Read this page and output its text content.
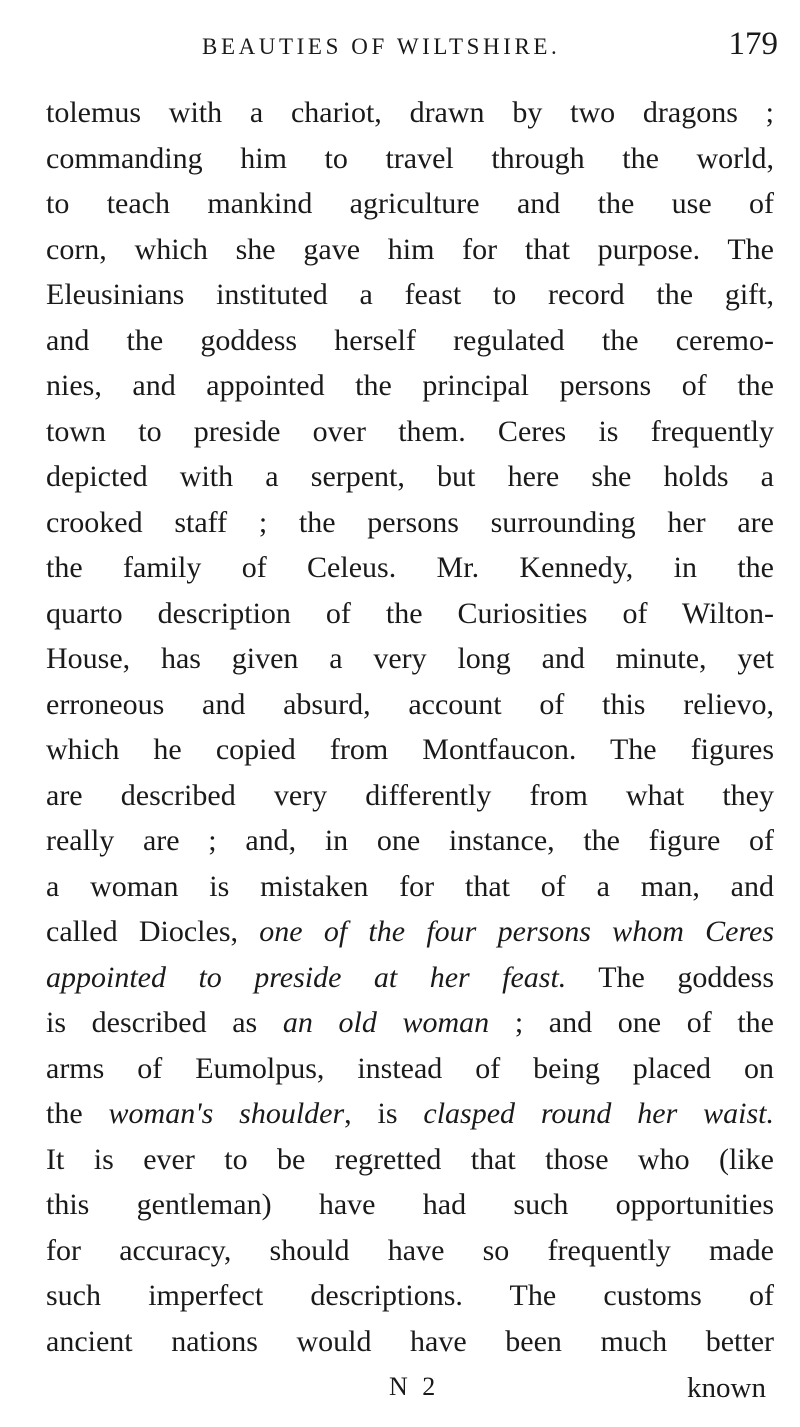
BEAUTIES OF WILTSHIRE.	179
tolemus with a chariot, drawn by two dragons ;
commanding him to travel through the world,
to teach mankind agriculture and the use of
corn, which she gave him for that purpose. The
Eleusinians instituted a feast to record the gift,
and the goddess herself regulated the ceremo-
nies, and appointed the principal persons of the
town to preside over them. Ceres is frequently
depicted with a serpent, but here she holds a
crooked staff ; the persons surrounding her are
the family of Celeus. Mr. Kennedy, in the
quarto description of the Curiosities of Wilton-
House, has given a very long and minute, yet
erroneous and absurd, account of this relievo,
which he copied from Montfaucon. The figures
are described very differently from what they
really are ; and, in one instance, the figure of
a woman is mistaken for that of a man, and
called Diocles, one of the four persons whom Ceres
appointed to preside at her feast. The goddess
is described as an old woman ; and one of the
arms of Eumolpus, instead of being placed on
the woman's shoulder, is clasped round her waist.
It is ever to be regretted that those who (like
this gentleman) have had such opportunities
for accuracy, should have so frequently made
such imperfect descriptions. The customs of
ancient nations would have been much better
N 2	known
